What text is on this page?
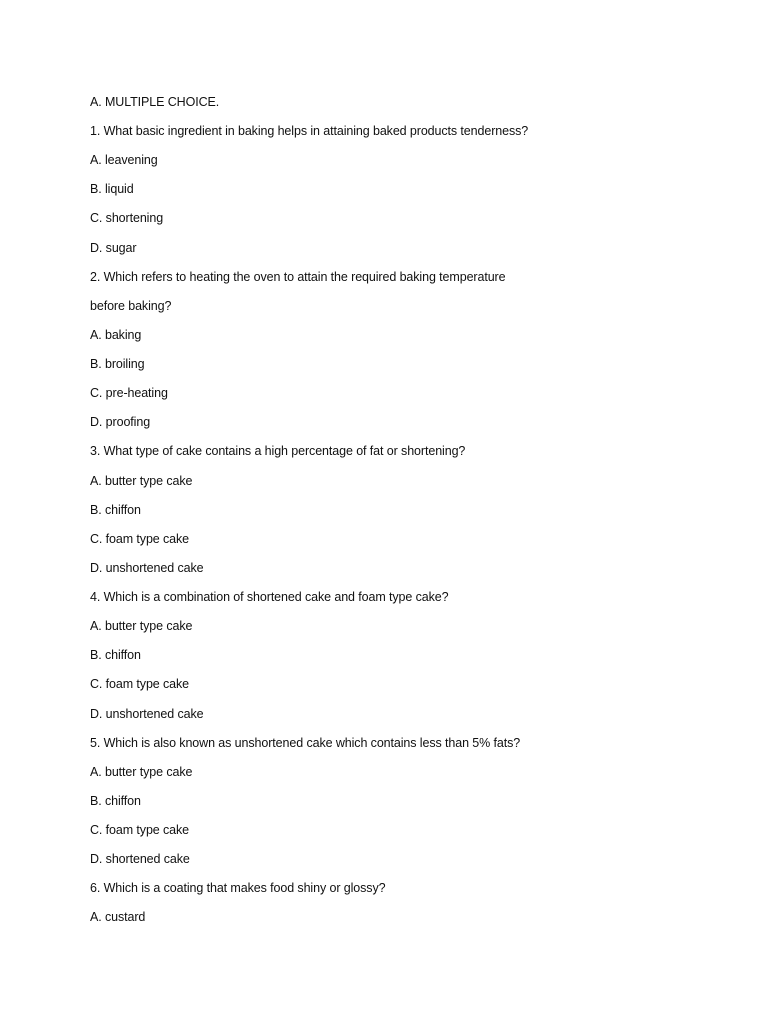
A. MULTIPLE CHOICE.

1. What basic ingredient in baking helps in attaining baked products tenderness?

A. leavening

B. liquid

C. shortening

D. sugar

2. Which refers to heating the oven to attain the required baking temperature

before baking?

A. baking

B. broiling

C. pre-heating

D. proofing

3. What type of cake contains a high percentage of fat or shortening?

A. butter type cake

B. chiffon

C. foam type cake

D. unshortened cake

4. Which is a combination of shortened cake and foam type cake?

A. butter type cake

B. chiffon

C. foam type cake

D. unshortened cake

5. Which is also known as unshortened cake which contains less than 5% fats?

A. butter type cake

B. chiffon

C. foam type cake

D. shortened cake

6. Which is a coating that makes food shiny or glossy?

A. custard
